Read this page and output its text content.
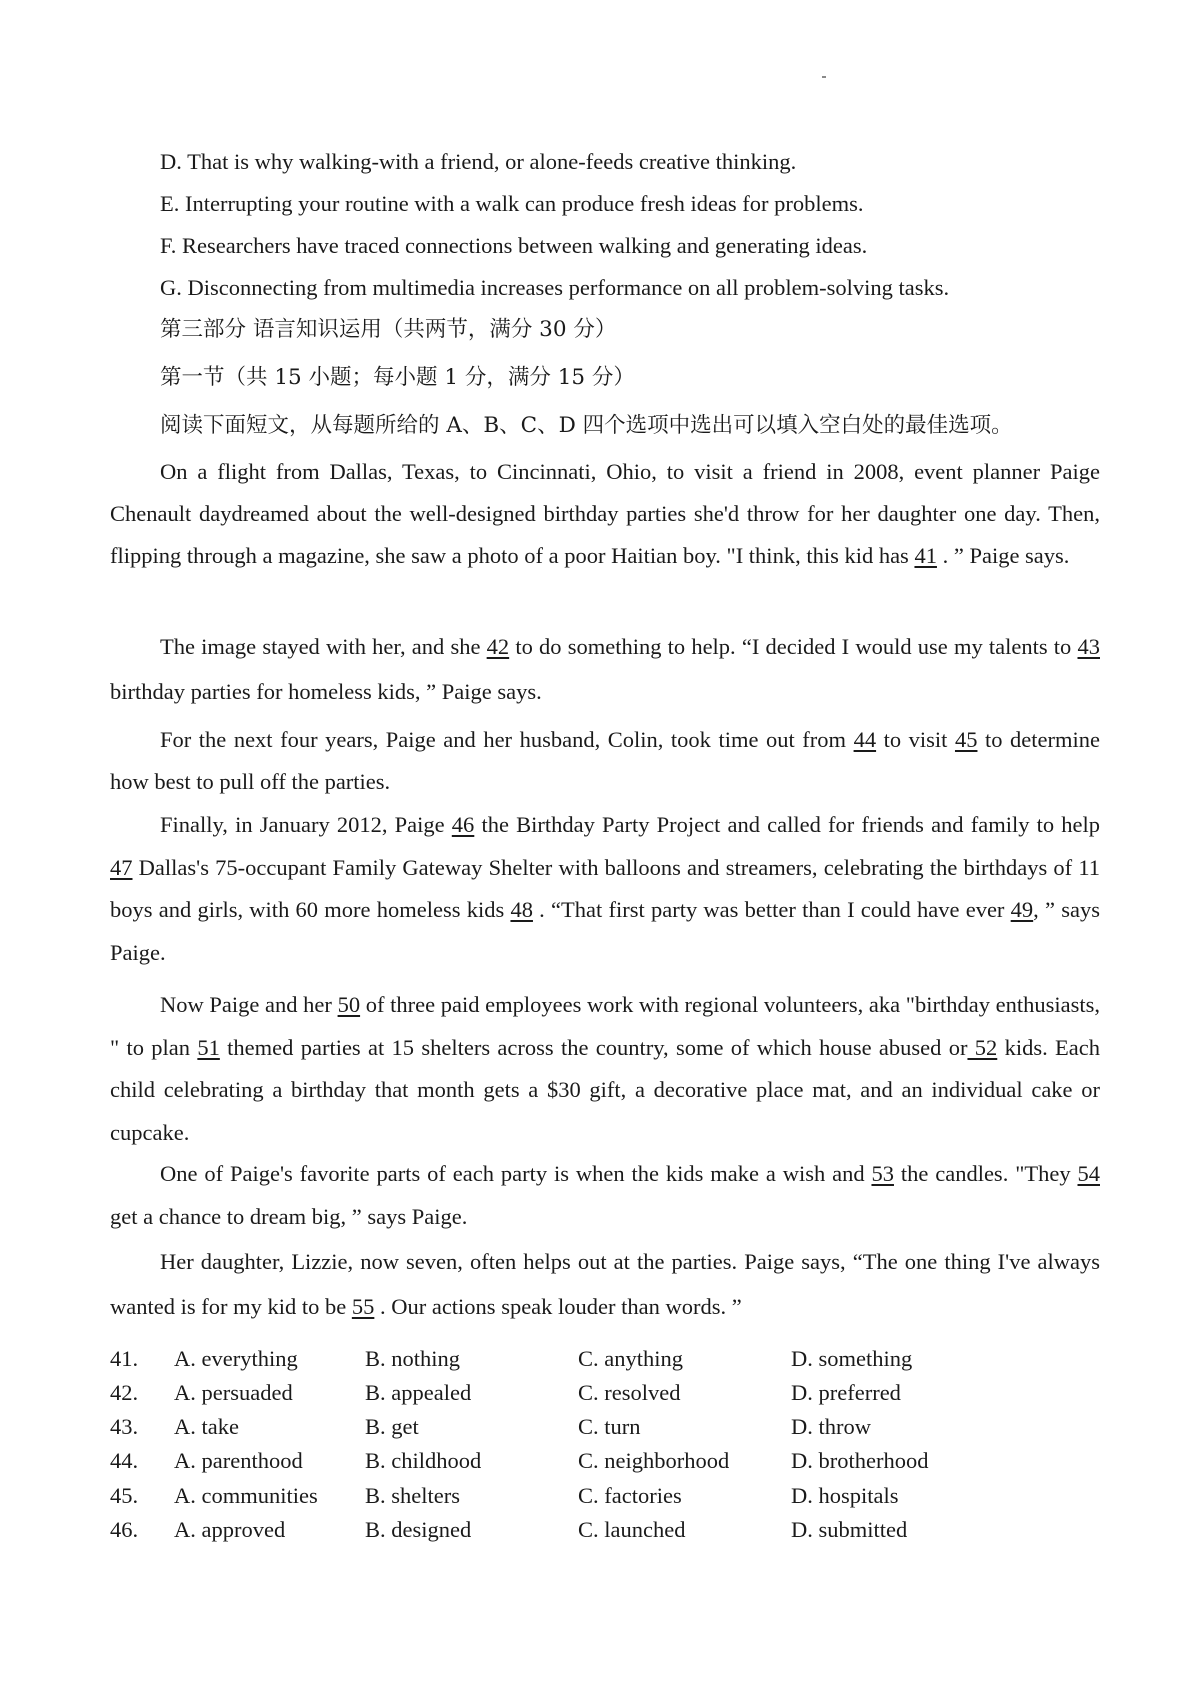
D. That is why walking-with a friend, or alone-feeds creative thinking.
E. Interrupting your routine with a walk can produce fresh ideas for problems.
F. Researchers have traced connections between walking and generating ideas.
G. Disconnecting from multimedia increases performance on all problem-solving tasks.
第三部分 语言知识运用（共两节，满分 30 分）
第一节（共 15 小题；每小题 1 分，满分 15 分）
阅读下面短文，从每题所给的 A、B、C、D 四个选项中选出可以填入空白处的最佳选项。
On a flight from Dallas, Texas, to Cincinnati, Ohio, to visit a friend in 2008, event planner Paige Chenault daydreamed about the well-designed birthday parties she'd throw for her daughter one day. Then, flipping through a magazine, she saw a photo of a poor Haitian boy. "I think, this kid has 41 . ” Paige says.
The image stayed with her, and she 42 to do something to help. “I decided I would use my talents to 43 birthday parties for homeless kids, ” Paige says.
For the next four years, Paige and her husband, Colin, took time out from 44 to visit 45 to determine how best to pull off the parties.
Finally, in January 2012, Paige 46 the Birthday Party Project and called for friends and family to help 47 Dallas's 75-occupant Family Gateway Shelter with balloons and streamers, celebrating the birthdays of 11 boys and girls, with 60 more homeless kids 48 . “That first party was better than I could have ever 49, ” says Paige.
Now Paige and her 50 of three paid employees work with regional volunteers, aka "birthday enthusiasts, " to plan 51 themed parties at 15 shelters across the country, some of which house abused or 52 kids. Each child celebrating a birthday that month gets a $30 gift, a decorative place mat, and an individual cake or cupcake.
One of Paige's favorite parts of each party is when the kids make a wish and 53 the candles. "They 54 get a chance to dream big, ” says Paige.
Her daughter, Lizzie, now seven, often helps out at the parties. Paige says, “The one thing I've always wanted is for my kid to be 55 . Our actions speak louder than words. ”
41. A. everything	B. nothing	C. anything	D. something
42. A. persuaded	B. appealed	C. resolved	D. preferred
43. A. take	B. get	C. turn	D. throw
44. A. parenthood	B. childhood	C. neighborhood	D. brotherhood
45. A. communities B. shelters	C. factories	D. hospitals
46. A. approved	B. designed	C. launched	D. submitted
